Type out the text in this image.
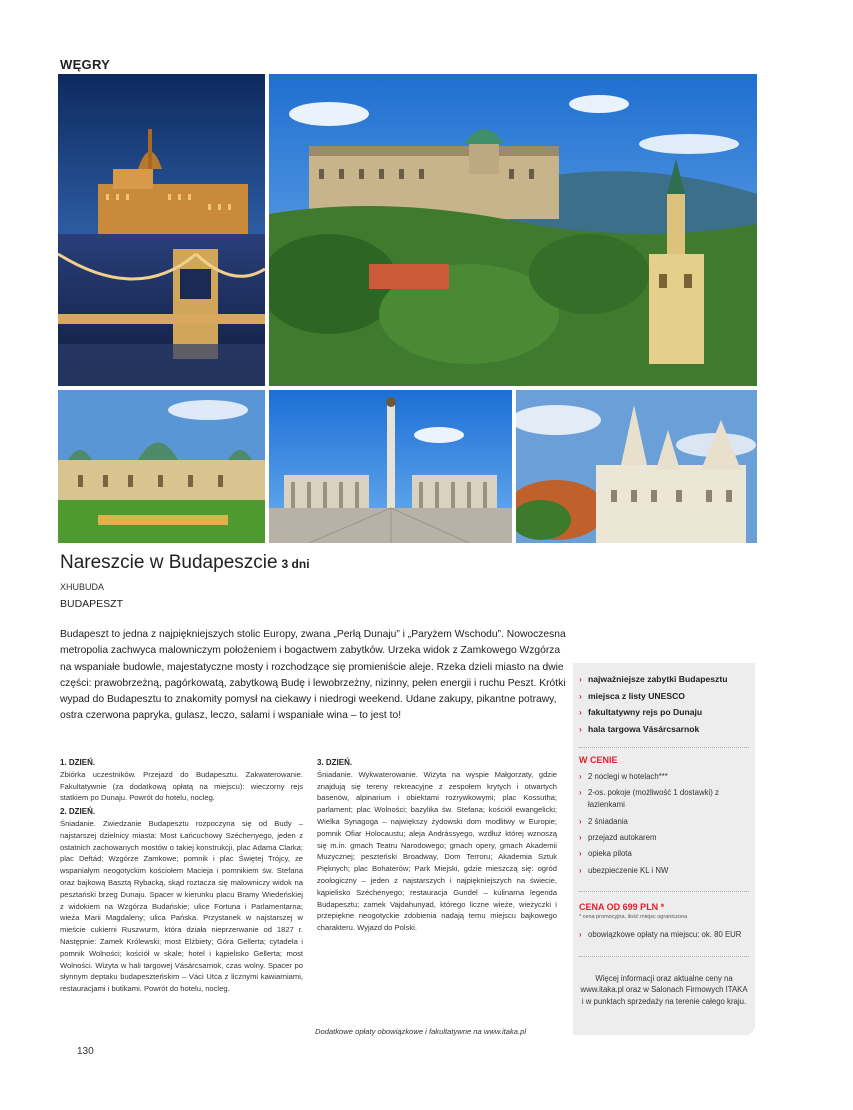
WĘGRY
Nareszcie w Budapeszcie 3 dni
XHUBUDA
BUDAPESZT
Budapeszt to jedna z najpiękniejszych stolic Europy, zwana „Perłą Dunaju” i „Paryżem Wschodu”. Nowoczesna metropolia zachwyca malowniczym położeniem i bogactwem zabytków. Urzeka widok z Zamkowego Wzgórza na wspaniałe budowle, majestatyczne mosty i rozchodzące się promieniście aleje. Rzeka dzieli miasto na dwie części: prawobrzeżną, pagórkowatą, zabytkową Budę i lewobrzeżny, nizinny, pełen energii i ruchu Peszt. Krótki wypad do Budapesztu to znakomity pomysł na ciekawy i niedrogi weekend. Udane zakupy, pikantne potrawy, ostra czerwona papryka, gulasz, leczo, salami i wspaniałe wina – to jest to!

1. DZIEŃ.

Zbiórka uczestników. Przejazd do Budapesztu. Zakwaterowanie. Fakultatywnie (za dodatkową opłatą na miejscu): wieczorny rejs statkiem po Dunaju. Powrót do hotelu, nocleg.

2. DZIEŃ.

Śniadanie. Zwiedzanie Budapesztu rozpoczyna się od Budy – najstarszej dzielnicy miasta: Most Łańcuchowy Széchenyego, jeden z ostatnich zachowanych mostów o takiej konstrukcji, plac Adama Clarka; plac Deftád; Wzgórze Zamkowe; pomnik i plac Świętej Trójcy, ze wspaniałym neogotyckim kościołem Macieja i pomnikiem św. Stefana oraz bajkową Basztą Rybacką, skąd roztacza się malowniczy widok na pesztański brzeg Dunaju. Spacer w kierunku placu Bramy Wiedeńskiej z widokiem na Wzgórza Budańskie; ulice Fortuna i Parlamentarna; wieża Marii Magdaleny; ulica Pańska. Przystanek w najstarszej w mieście cukierni Ruszwurm, która działa nieprzerwanie od 1827 r. Następnie: Zamek Królewski; most Elżbiety; Góra Gellerta; cytadela i pomnik Wolności; kościół w skale; hotel i kąpielisko Gellerta; most Wolności. Wizyta w hali targowej Vásárcsarnok, czas wolny. Spacer po słynnym deptaku budapeszteńskim – Váci Utca z licznymi kawiarniami, restauracjami i butikami. Powrót do hotelu, nocleg.

3. DZIEŃ.

Śniadanie. Wykwaterowanie. Wizyta na wyspie Małgorzaty, gdzie znajdują się tereny rekreacyjne z zespołem krytych i otwartych basenów, alpinarium i obiektami rozrywkowymi; plac Kossutha; parlament; plac Wolności; bazylika św. Stefana; kościół ewangelicki; Wielka Synagoga – największy żydowski dom modlitwy w Europie; pomnik Ofiar Holocaustu; aleja Andrássyego, wzdłuż której wznoszą się m.in. gmach Teatru Narodowego; gmach opery, gmach Akademii Muzycznej; peszteński Broadway, Dom Terroru; Akademia Sztuk Pięknych; plac Bohaterów; Park Miejski, gdzie mieszczą się: ogród zoologiczny – jeden z najstarszych i najpiękniejszych na świecie, kąpielisko Széchenyego; restauracja Gundel – kulinarna legenda Budapesztu; zamek Vajdahunyad, którego liczne wieże, wieżyczki i przepiękne neogotyckie zdobienia nadają temu miejscu bajkowego charakteru. Wyjazd do Polski.

Dodatkowe opłaty obowiązkowe i fakultatywne na www.itaka.pl
130
› najważniejsze zabytki Budapesztu
› miejsca z listy UNESCO
› fakultatywny rejs po Dunaju
› hala targowa Vásárcsarnok
W CENIE
› 2 noclegi w hotelach***
› 2-os. pokoje (możliwość 1 dostawki) z łazienkami
› 2 śniadania
› przejazd autokarem
› opieka pilota
› ubezpieczenie KL i NW
CENA OD 699 PLN *
* cena promocyjna, ilość miejsc ograniczona
› obowiązkowe opłaty na miejscu: ok. 80 EUR
Więcej informacji oraz aktualne ceny na www.itaka.pl oraz w Salonach Firmowych ITAKA i w punktach sprzedaży na terenie całego kraju.
